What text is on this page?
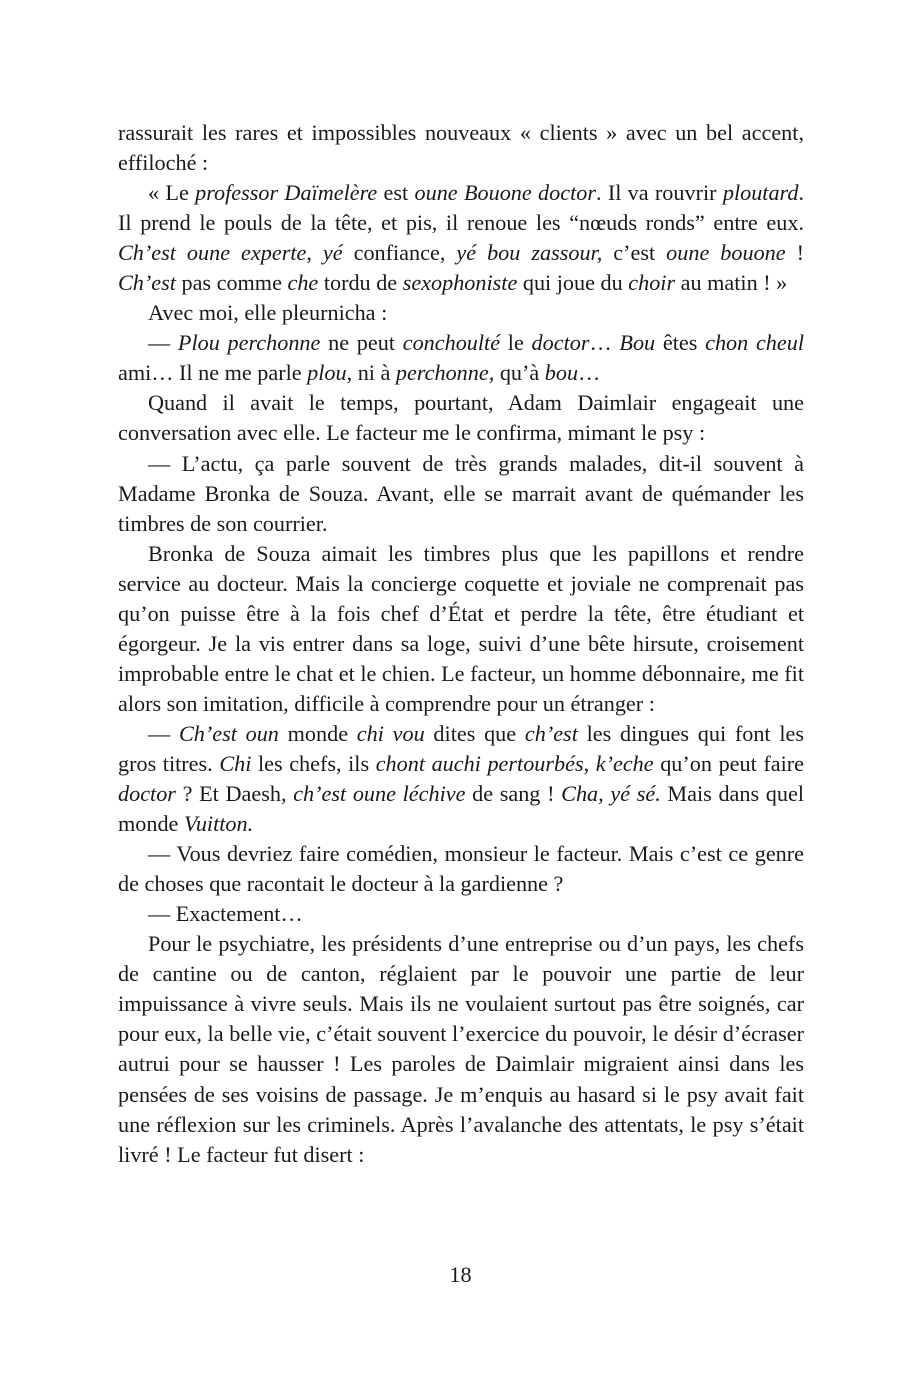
rassurait les rares et impossibles nouveaux « clients » avec un bel accent, effiloché :

« Le professor Daïmelère est oune Bouone doctor. Il va rouvrir ploutard. Il prend le pouls de la tête, et pis, il renoue les “nœuds ronds” entre eux. Ch’est oune experte, yé confiance, yé bou zassour, c’est oune bouone ! Ch’est pas comme che tordu de sexophoniste qui joue du choir au matin ! »

Avec moi, elle pleurnicha :

— Plou perchonne ne peut conchoulté le doctor… Bou êtes chon cheul ami… Il ne me parle plou, ni à perchonne, qu’à bou…

Quand il avait le temps, pourtant, Adam Daimlair engageait une conversation avec elle. Le facteur me le confirma, mimant le psy :

— L’actu, ça parle souvent de très grands malades, dit-il souvent à Madame Bronka de Souza. Avant, elle se marrait avant de quémander les timbres de son courrier.

Bronka de Souza aimait les timbres plus que les papillons et rendre service au docteur. Mais la concierge coquette et joviale ne comprenait pas qu’on puisse être à la fois chef d’État et perdre la tête, être étudiant et égorgeur. Je la vis entrer dans sa loge, suivi d’une bête hirsute, croisement improbable entre le chat et le chien. Le facteur, un homme débonnaire, me fit alors son imitation, difficile à comprendre pour un étranger :

— Ch’est oun monde chi vou dites que ch’est les dingues qui font les gros titres. Chi les chefs, ils chont auchi pertourbés, k’eche qu’on peut faire doctor ? Et Daesh, ch’est oune léchive de sang ! Cha, yé sé. Mais dans quel monde Vuitton.

— Vous devriez faire comédien, monsieur le facteur. Mais c’est ce genre de choses que racontait le docteur à la gardienne ?

— Exactement…

Pour le psychiatre, les présidents d’une entreprise ou d’un pays, les chefs de cantine ou de canton, réglaient par le pouvoir une partie de leur impuissance à vivre seuls. Mais ils ne voulaient surtout pas être soignés, car pour eux, la belle vie, c’était souvent l’exercice du pouvoir, le désir d’écraser autrui pour se hausser ! Les paroles de Daimlair migraient ainsi dans les pensées de ses voisins de passage. Je m’enquis au hasard si le psy avait fait une réflexion sur les criminels. Après l’avalanche des attentats, le psy s’était livré ! Le facteur fut disert :

18
